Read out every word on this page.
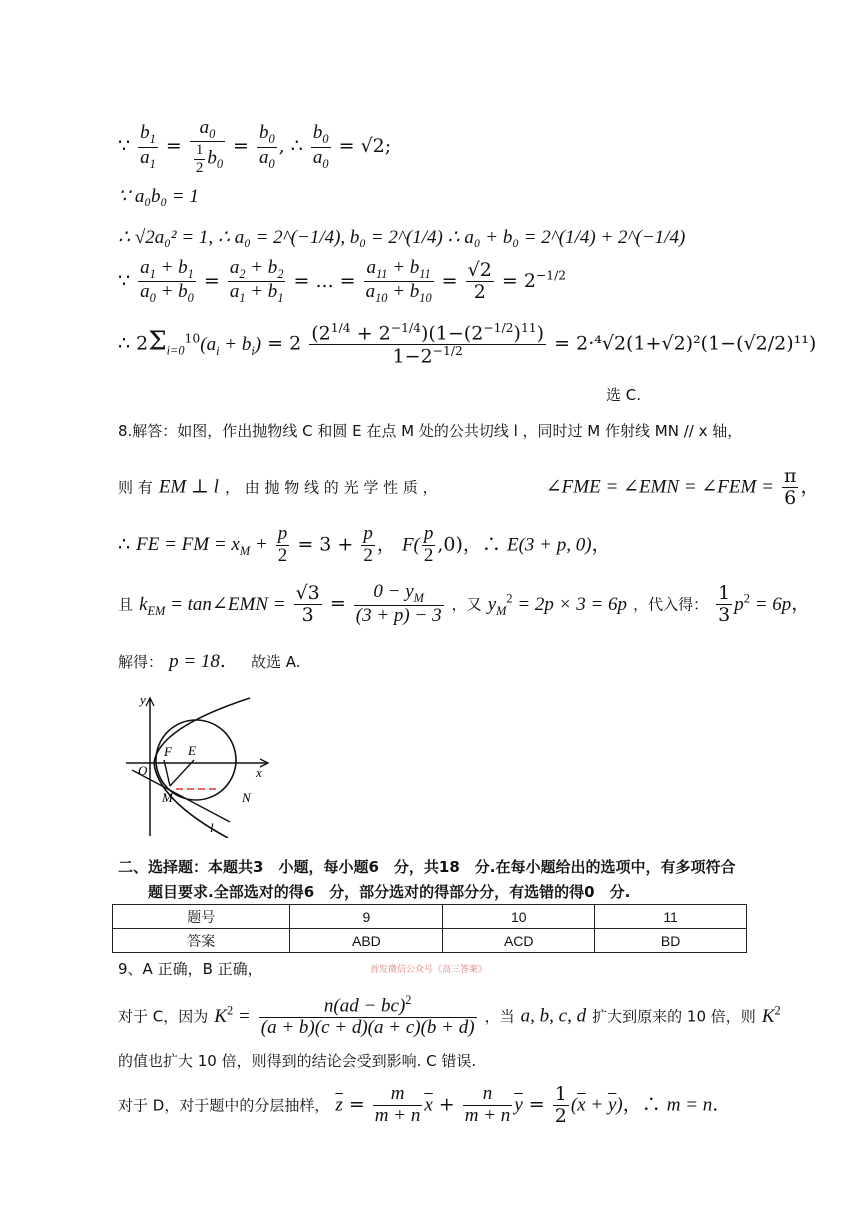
∵ $\frac{b_1}{a_1} = \frac{a_0}{\frac{1}{2} b_0} = \frac{b_0}{a_0}$ , ∴ $\frac{b_0}{a_0} = √2$;
∵ a₀b₀ = 1
∴ √2a₀² = 1, ∴ a₀ = 2^(−1/4), b₀ = 2^(1/4) ∴ a₀ + b₀ = 2^(1/4) + 2^(−1/4)
∵ $\frac{a_1 + b_1}{a_0 + b_0} = \frac{a_2 + b_2}{a_1 + b_1}$ = ... = $\frac{a_{11} + b_{11}}{a_{10} + b_{10}} = \frac{√2}{2} = 2^{-1/2}$
∴ $2\Sigma_{i=0}^{10}(a_i + b_i) = 2 \frac{(2^{1/4} + 2^{-1/4})(1-(2^{-1/2})^{11})}{1-2^{-1/2}} = 2\cdot^4√2(1+√2)^2(1-(√2/2)^{11})$
选 C.
8.解答：如图，作出抛物线 C 和圆 E 在点 M 处的公共切线 l ，同时过 M 作射线 MN // x 轴，
则 有 EM ⊥ l ， 由 抛 物 线 的 光 学 性 质 ，	∠FME = ∠EMN = ∠FEM = $\frac{\pi}{6}$ ，
∴ FE = FM = $x_M + \frac{p}{2} = 3 + \frac{p}{2}$ ， $F( \frac{p}{2} ,0)$，∴ E(3 + p, 0)，
且 $k_{EM}$ = tan∠EMN = $\frac{√3}{3} = \frac{0 - y_M}{(3 + p) - 3}$ ，又 $y_M^2 = 2p \times 3 = 6p$ ，代入得： $\frac{1}{3} p^2 = 6p$，
解得： p = 18.　 故选 A.
y
x
O
F E
M	N
l
二、选择题：本题共3　小题，每小题6　分，共18　分.在每小题给出的选项中，有多项符合
题目要求.全部选对的得6　分，部分选对的得部分分，有选错的得0　分.
题号	9	10	11
答案	ABD	ACD	BD
9、A 正确，B 正确，	首发微信公众号《高三答案》
对于 C，因为 $K^2 = \frac{n(ad - bc)^2}{(a + b)(c + d)(a + c)(b + d)}$ ，当 a, b, c, d 扩大到原来的 10 倍，则 $K^2$
的值也扩大 10 倍，则得到的结论会受到影响. C 错误.
对于 D，对于题中的分层抽样， $\overline{z} = \frac{m}{m + n} \overline{x} + \frac{n}{m + n} \overline{y} = \frac{1}{2} (\overline{x} + \overline{y})$，∴ m = n.
